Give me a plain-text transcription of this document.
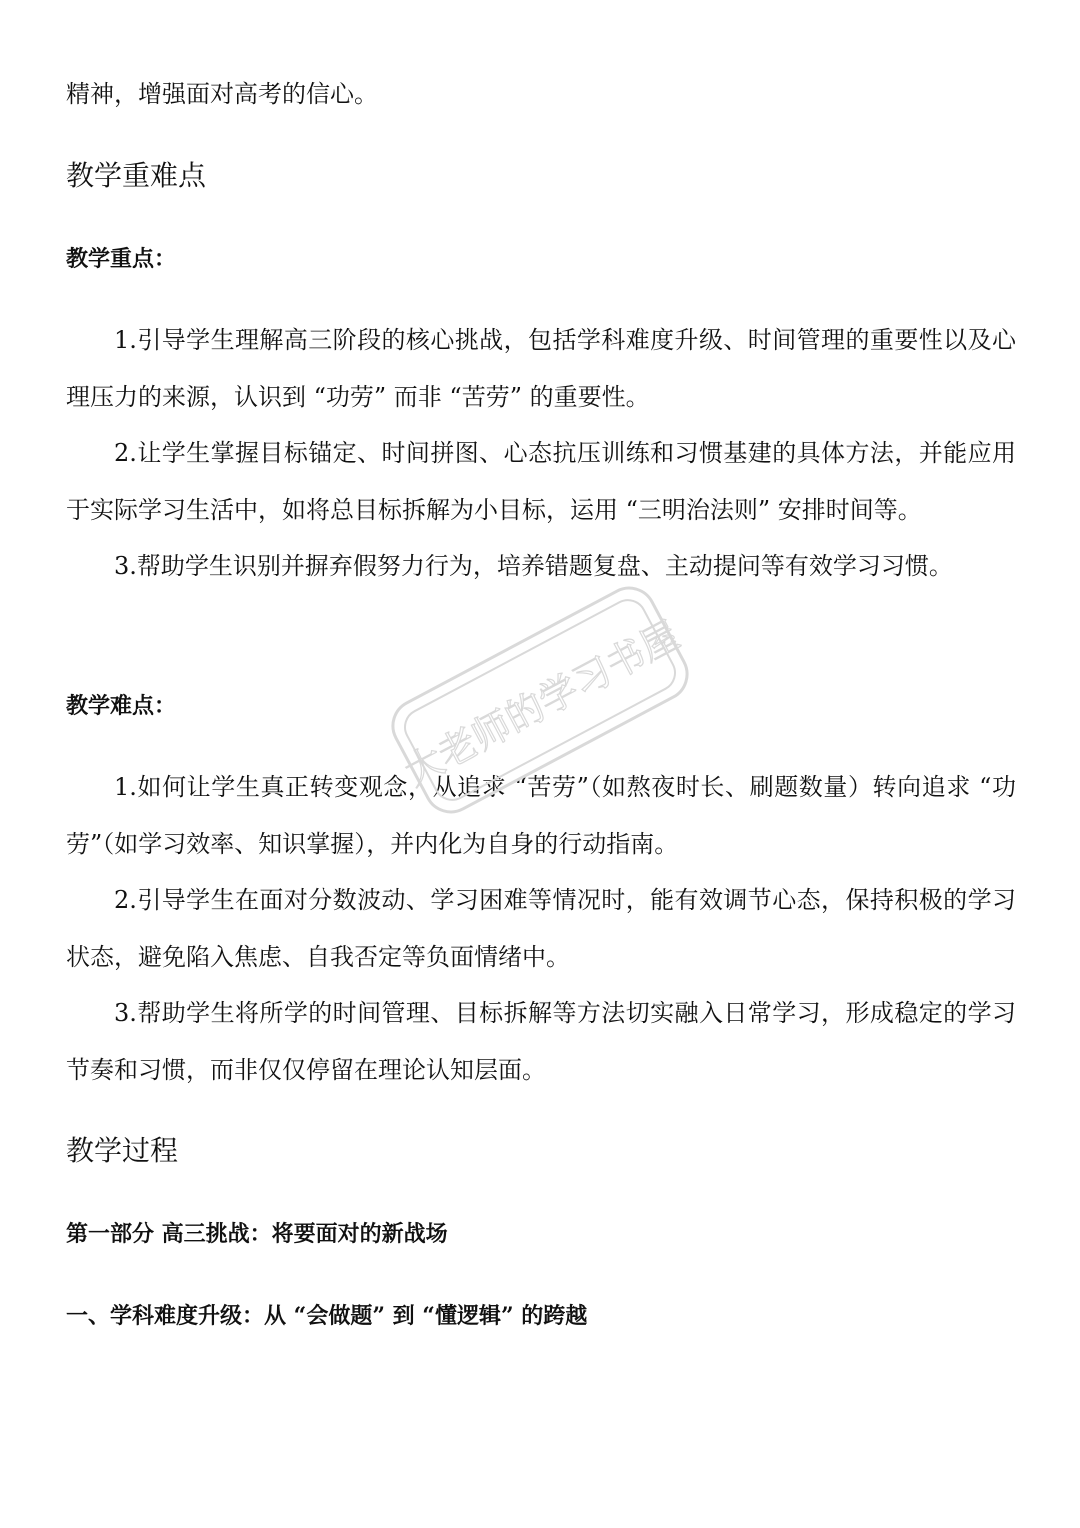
精神，增强面对高考的信心。

教学重难点
教学重点：

1.引导学生理解高三阶段的核心挑战，包括学科难度升级、时间管理的重要性以及心理压力的来源，认识到 “功劳” 而非 “苦劳” 的重要性。

2.让学生掌握目标锚定、时间拼图、心态抗压训练和习惯基建的具体方法，并能应用于实际学习生活中，如将总目标拆解为小目标，运用 “三明治法则” 安排时间等。

3.帮助学生识别并摒弃假努力行为，培养错题复盘、主动提问等有效学习习惯。

教学难点：

1.如何让学生真正转变观念，从追求 “苦劳”（如熬夜时长、刷题数量）转向追求 “功劳”（如学习效率、知识掌握），并内化为自身的行动指南。

2.引导学生在面对分数波动、学习困难等情况时，能有效调节心态，保持积极的学习状态，避免陷入焦虑、自我否定等负面情绪中。

3.帮助学生将所学的时间管理、目标拆解等方法切实融入日常学习，形成稳定的学习节奏和习惯，而非仅仅停留在理论认知层面。

教学过程
第一部分 高三挑战：将要面对的新战场
一、学科难度升级：从 “会做题” 到 “懂逻辑” 的跨越
大老师的学习书屋
